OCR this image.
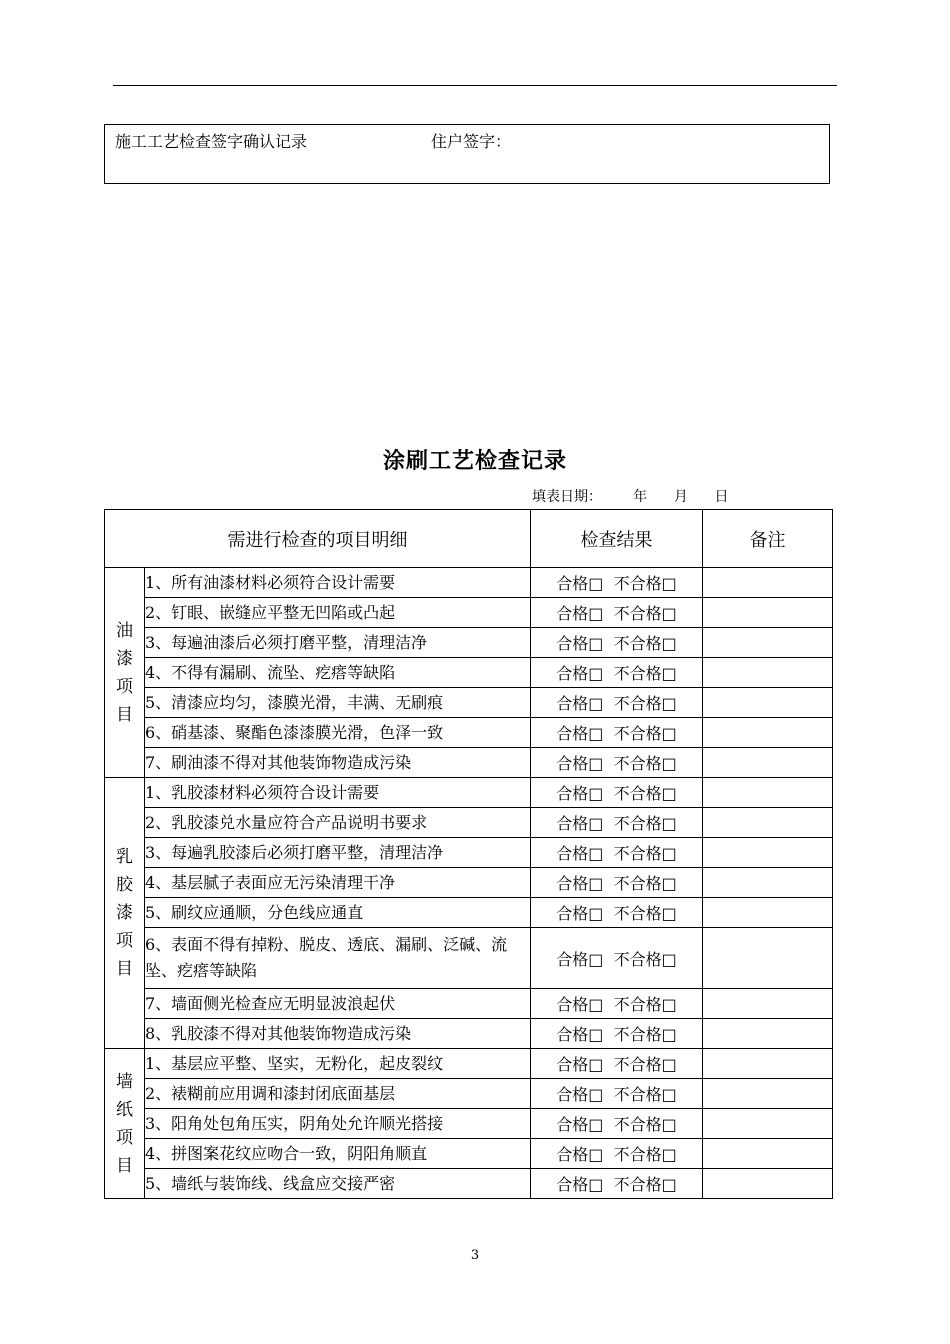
施工工艺检查签字确认记录	住户签字：
涂刷工艺检查记录
填表日期：       年      月      日
需进行检查的项目明细		检查结果	备注

油
漆
项
目	1、所有油漆材料必须符合设计需要	合格□  不合格□	
	2、钉眼、嵌缝应平整无凹陷或凸起	合格□  不合格□	
	3、每遍油漆后必须打磨平整，清理洁净	合格□  不合格□	
	4、不得有漏刷、流坠、疙瘩等缺陷	合格□  不合格□	
	5、清漆应均匀，漆膜光滑，丰满、无刷痕	合格□  不合格□	
	6、硝基漆、聚酯色漆漆膜光滑，色泽一致	合格□  不合格□	
	7、刷油漆不得对其他装饰物造成污染	合格□  不合格□	

乳
胶
漆
项
目	1、乳胶漆材料必须符合设计需要	合格□  不合格□	
	2、乳胶漆兑水量应符合产品说明书要求	合格□  不合格□	
	3、每遍乳胶漆后必须打磨平整，清理洁净	合格□  不合格□	
	4、基层腻子表面应无污染清理干净	合格□  不合格□	
	5、刷纹应通顺，分色线应通直	合格□  不合格□	
	6、表面不得有掉粉、脱皮、透底、漏刷、泛碱、流坠、疙瘩等缺陷	合格□  不合格□	
	7、墙面侧光检查应无明显波浪起伏	合格□  不合格□	
	8、乳胶漆不得对其他装饰物造成污染	合格□  不合格□	

墙
纸
项
目	1、基层应平整、坚实，无粉化，起皮裂纹	合格□  不合格□	
	2、裱糊前应用调和漆封闭底面基层	合格□  不合格□	
	3、阳角处包角压实，阴角处允许顺光搭接	合格□  不合格□	
	4、拼图案花纹应吻合一致，阴阳角顺直	合格□  不合格□	
	5、墙纸与装饰线、线盒应交接严密	合格□  不合格□	
3
